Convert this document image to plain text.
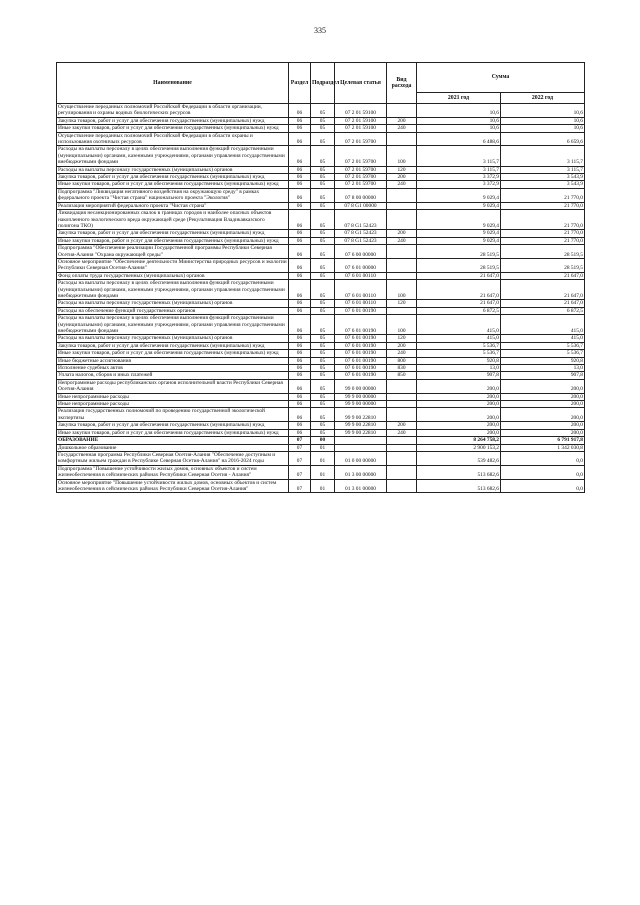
335
Наименование	Раздел	Подраздел	Целевая статья	Вид расхода	Сумма	
					2021 год	2022 год
Осуществление переданных полномочий Российской Федерации в области организации, регулирования и охраны водных биологических ресурсов	06	05	07 2 01 59100		10,6	10,6
Закупка товаров, работ и услуг для обеспечения государственных (муниципальных) нужд	06	05	07 2 01 59100	200	10,6	10,6
Иные закупки товаров, работ и услуг для обеспечения государственных (муниципальных) нужд	06	05	07 2 01 59100	240	10,6	10,6
Осуществление переданных полномочий Российской Федерации в области охраны и использования охотничьих ресурсов	06	05	07 2 01 59700		6 488,6	6 659,6
Расходы на выплаты персоналу в целях обеспечения выполнения функций государственными (муниципальными) органами, казенными учреждениями, органами управления государственными внебюджетными фондами	06	05	07 2 01 59700	100	3 115,7	3 115,7
Расходы на выплаты персоналу государственных (муниципальных) органов	06	05	07 2 01 59700	120	3 115,7	3 115,7
Закупка товаров, работ и услуг для обеспечения государственных (муниципальных) нужд	06	05	07 2 01 59700	200	3 372,9	3 543,9
Иные закупки товаров, работ и услуг для обеспечения государственных (муниципальных) нужд	06	05	07 2 01 59700	240	3 372,9	3 543,9
Подпрограмма "Ликвидация негативного воздействия на окружающую среду" в рамках федерального проекта "Чистая страна" национального проекта "Экология"	06	05	07 8 00 00000		9 029,4	21 770,0
Реализация мероприятий федерального проекта "Чистая страна"	06	05	07 8 G1 00000		9 029,4	21 770,0
Ликвидация несанкционированных свалок в границах городов и наиболее опасных объектов накопленного экологического вреда окружающей среде (Рекультивация Владикавказского полигона ТКО)	06	05	07 8 G1 52423		9 029,4	21 770,0
Закупка товаров, работ и услуг для обеспечения государственных (муниципальных) нужд	06	05	07 8 G1 52423	200	9 029,4	21 770,0
Иные закупки товаров, работ и услуг для обеспечения государственных (муниципальных) нужд	06	05	07 8 G1 52423	240	9 029,4	21 770,0
Подпрограмма "Обеспечение реализации Государственной программы Республики Северная Осетия-Алания "Охрана окружающей среды"	06	05	07 6 00 00000		28 519,5	28 519,5
Основное мероприятие "Обеспечение деятельности Министерства природных ресурсов и экологии Республики Северная Осетия-Алания"	06	05	07 6 01 00000		28 519,5	28 519,5
Фонд оплаты труда государственных (муниципальных) органов	06	05	07 6 01 00110		21 647,0	21 647,0
Расходы на выплаты персоналу в целях обеспечения выполнения функций государственными (муниципальными) органами, казенными учреждениями, органами управления государственными внебюджетными фондами	06	05	07 6 01 00110	100	21 647,0	21 647,0
Расходы на выплаты персоналу государственных (муниципальных) органов	06	05	07 6 01 00110	120	21 647,0	21 647,0
Расходы на обеспечение функций государственных органов	06	05	07 6 01 00190		6 872,5	6 872,5
Расходы на выплаты персоналу в целях обеспечения выполнения функций государственными (муниципальными) органами, казенными учреждениями, органами управления государственными внебюджетными фондами	06	05	07 6 01 00190	100	415,0	415,0
Расходы на выплаты персоналу государственных (муниципальных) органов	06	05	07 6 01 00190	120	415,0	415,0
Закупка товаров, работ и услуг для обеспечения государственных (муниципальных) нужд	06	05	07 6 01 00190	200	5 536,7	5 536,7
Иные закупки товаров, работ и услуг для обеспечения государственных (муниципальных) нужд	06	05	07 6 01 00190	240	5 536,7	5 536,7
Иные бюджетные ассигнования	06	05	07 6 01 00190	800	920,8	920,8
Исполнение судебных актов	06	05	07 6 01 00190	830	13,0	13,0
Уплата налогов, сборов и иных платежей	06	05	07 6 01 00190	850	907,8	907,8
Непрограммные расходы республиканских органов исполнительной власти Республики Северная Осетия-Алания	06	05	99 0 00 00000		200,0	200,0
Иные непрограммные расходы	06	05	99 9 00 00000		200,0	200,0
Иные непрограммные расходы	06	05	99 9 00 00000		200,0	200,0
Реализация государственных полномочий по проведению государственной экологической экспертизы	06	05	99 9 00 22810		200,0	200,0
Закупка товаров, работ и услуг для обеспечения государственных (муниципальных) нужд	06	05	99 9 00 22810	200	200,0	200,0
Иные закупки товаров, работ и услуг для обеспечения государственных (муниципальных) нужд	06	05	99 9 00 22810	240	200,0	200,0
ОБРАЗОВАНИЕ	07	00			8 264 758,2	6 791 917,8
Дошкольное образование	07	01			2 900 153,2	1 342 030,8
Государственная программа Республики Северная Осетия-Алания "Обеспечение доступным и комфортным жильем граждан в Республике Северная Осетия-Алания" на 2016-2024 годы	07	01	01 0 00 00000		539 482,6	0,0
Подпрограмма "Повышение устойчивости жилых домов, основных объектов и систем жизнеобеспечения в сейсмических районах Республики Северная Осетия - Алания"	07	01	01 3 00 00000		513 682,6	0,0
Основное мероприятие "Повышение устойчивости жилых домов, основных объектов и систем жизнеобеспечения в сейсмических районах Республики Северная Осетия-Алания"	07	01	01 3 01 00000		513 682,6	0,0
